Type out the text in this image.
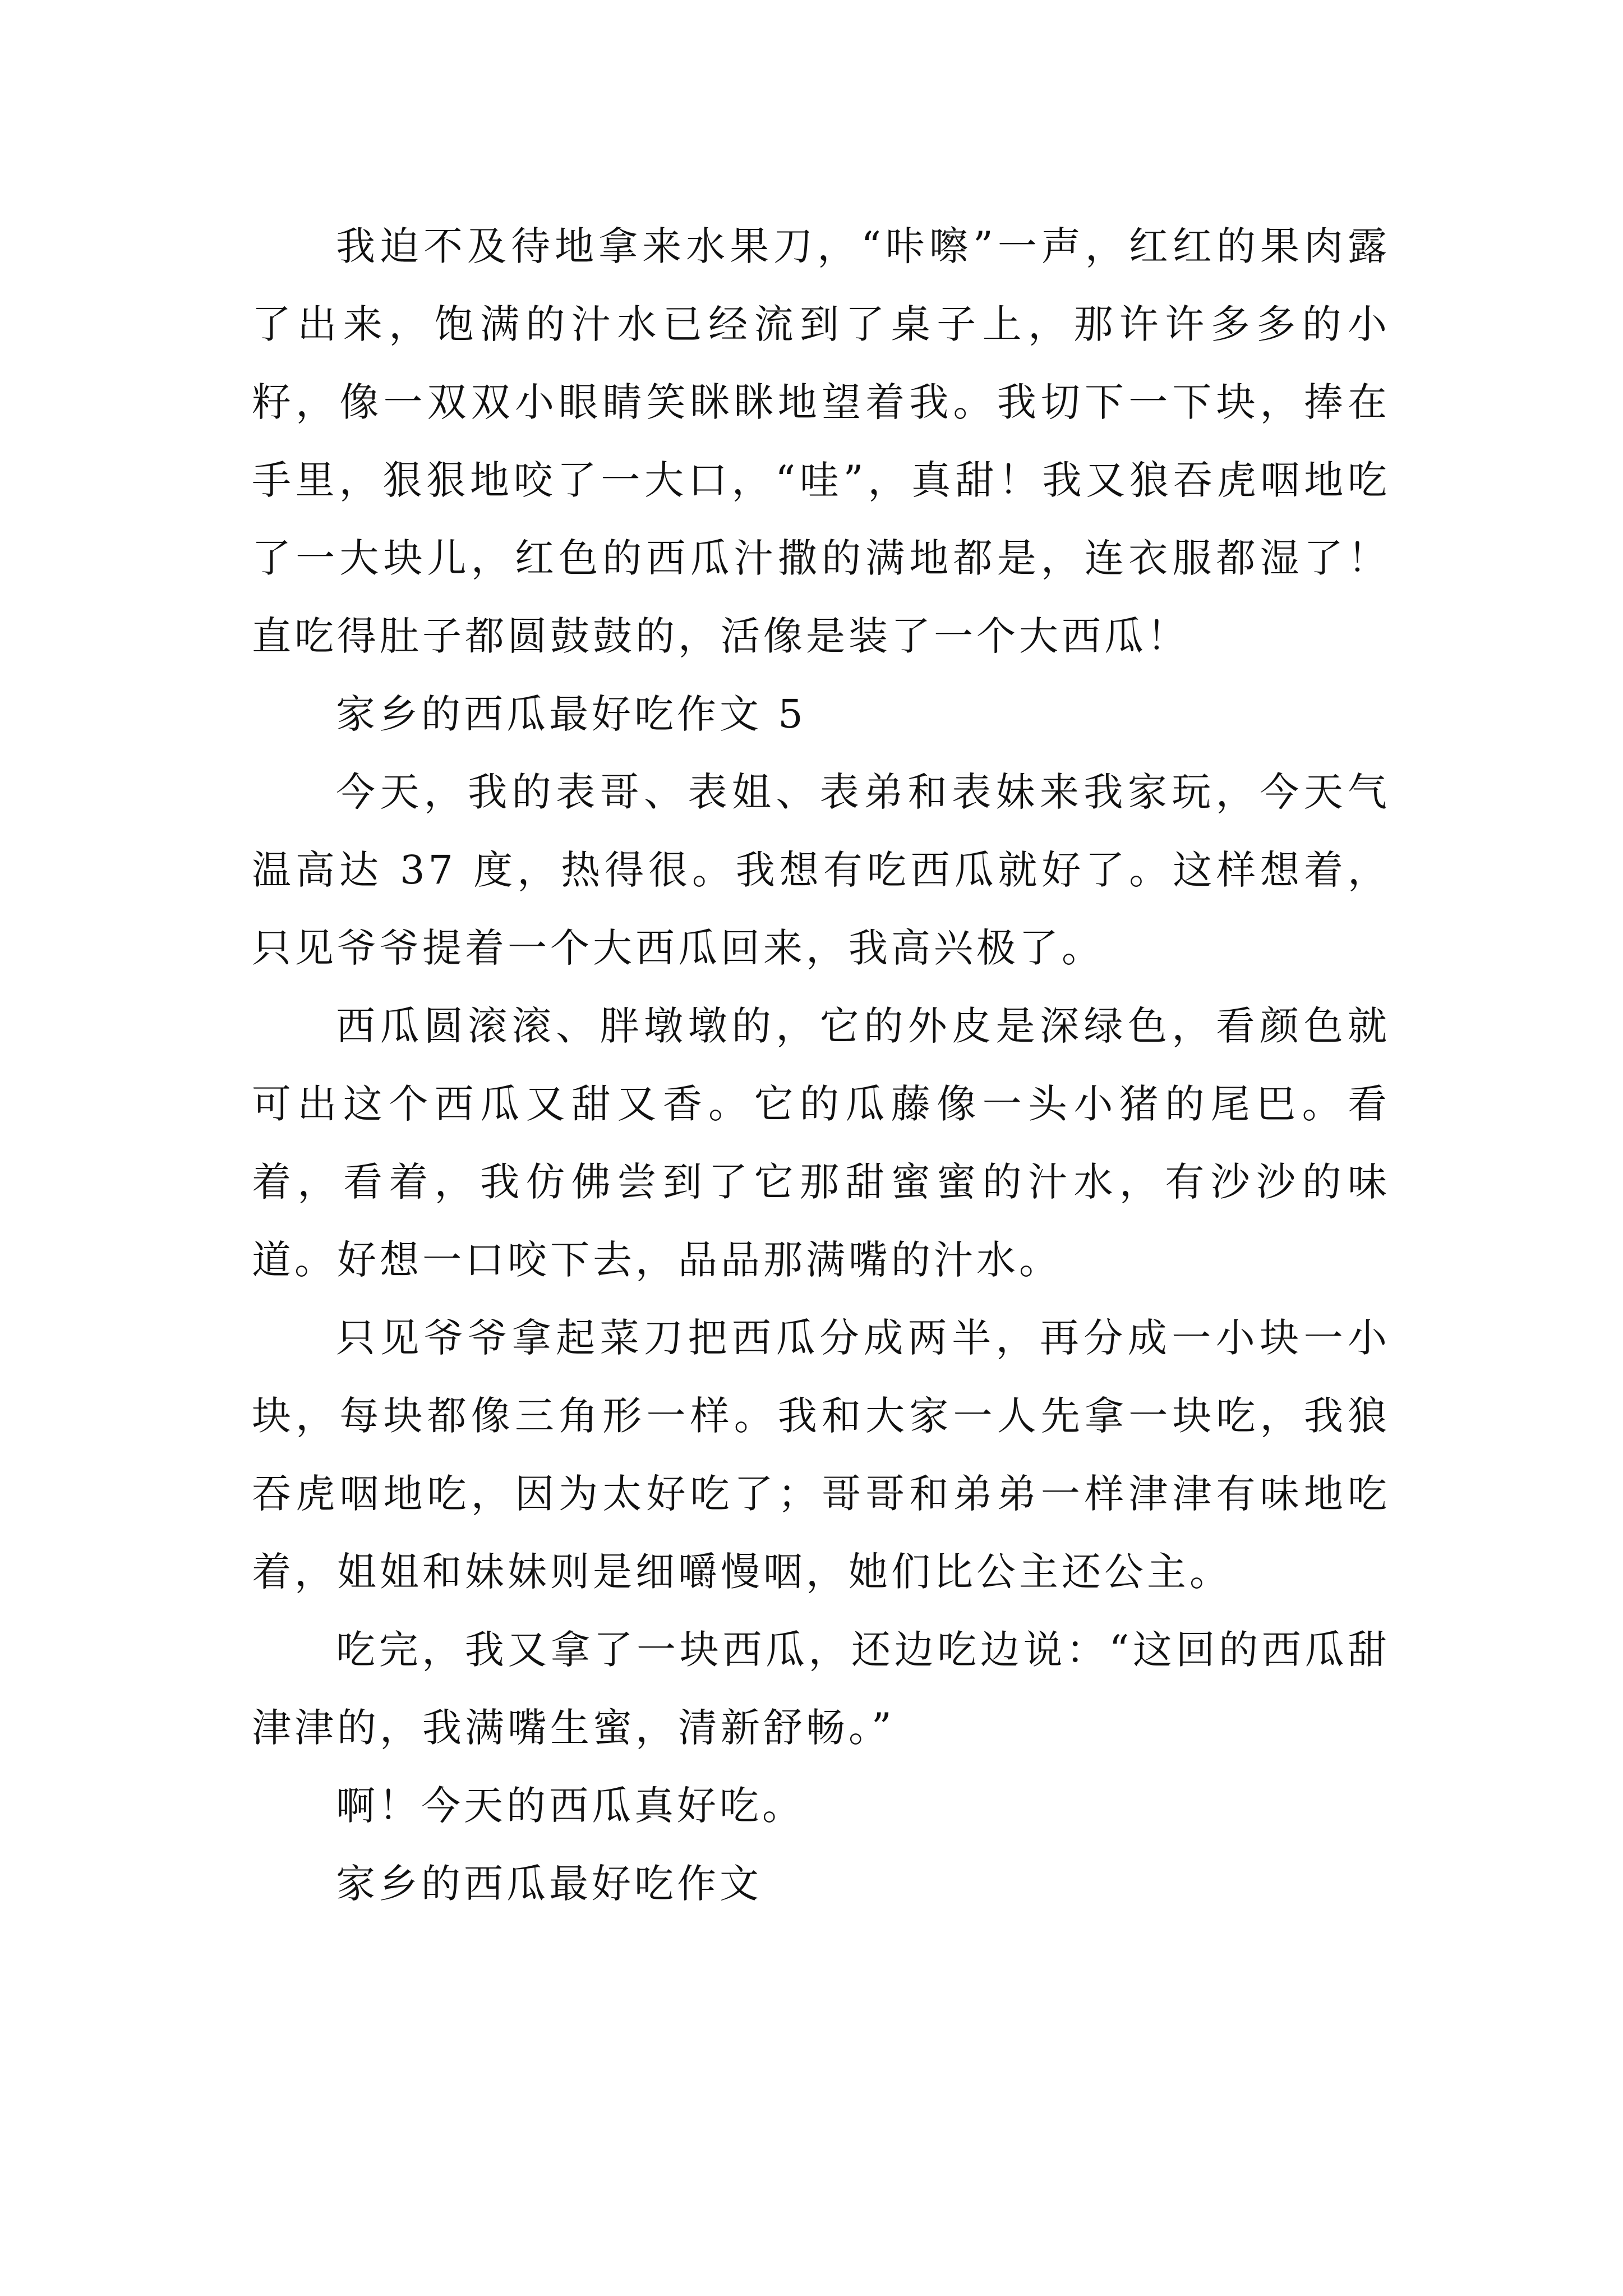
我迫不及待地拿来水果刀，“咔嚓”一声，红红的果肉露了出来，饱满的汁水已经流到了桌子上，那许许多多的小籽，像一双双小眼睛笑眯眯地望着我。我切下一下块，捧在手里，狠狠地咬了一大口，“哇”，真甜！我又狼吞虎咽地吃了一大块儿，红色的西瓜汁撒的满地都是，连衣服都湿了！直吃得肚子都圆鼓鼓的，活像是装了一个大西瓜！

家乡的西瓜最好吃作文 5

今天，我的表哥、表姐、表弟和表妹来我家玩，今天气温高达 37 度，热得很。我想有吃西瓜就好了。这样想着，只见爷爷提着一个大西瓜回来，我高兴极了。

西瓜圆滚滚、胖墩墩的，它的外皮是深绿色，看颜色就可出这个西瓜又甜又香。它的瓜藤像一头小猪的尾巴。看着，看着，我仿佛尝到了它那甜蜜蜜的汁水，有沙沙的味道。好想一口咬下去，品品那满嘴的汁水。

只见爷爷拿起菜刀把西瓜分成两半，再分成一小块一小块，每块都像三角形一样。我和大家一人先拿一块吃，我狼吞虎咽地吃，因为太好吃了；哥哥和弟弟一样津津有味地吃着，姐姐和妹妹则是细嚼慢咽，她们比公主还公主。

吃完，我又拿了一块西瓜，还边吃边说：“这回的西瓜甜津津的，我满嘴生蜜，清新舒畅。”

啊！今天的西瓜真好吃。

家乡的西瓜最好吃作文
